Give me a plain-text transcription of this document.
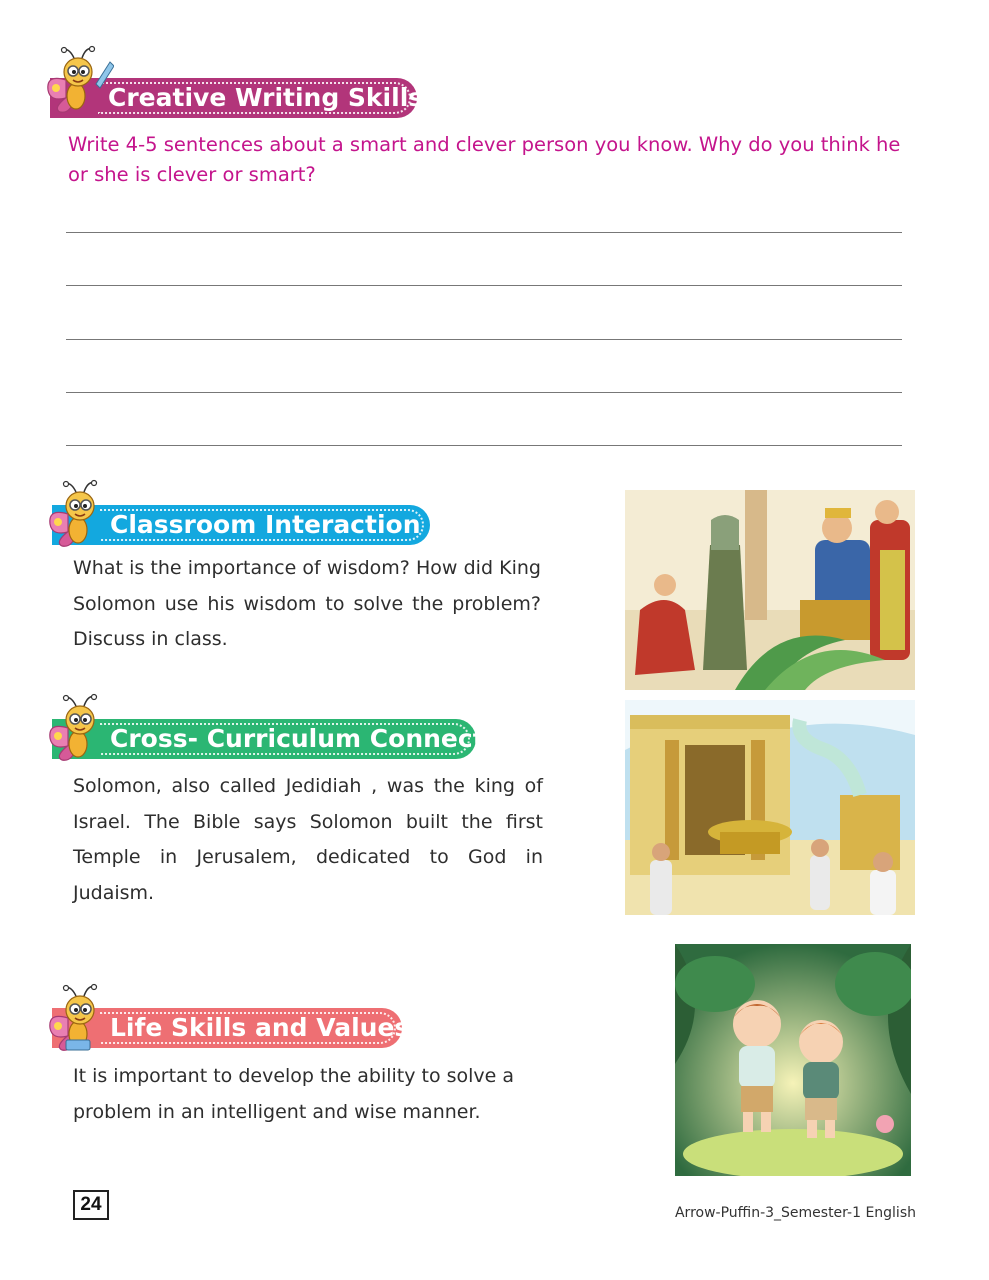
Creative Writing Skills
Write 4-5 sentences about a smart and clever person you know. Why do you think he or she is clever or smart?
Classroom Interaction
What is the importance of wisdom? How did King Solomon use his wisdom to solve the problem? Discuss in class.
Cross- Curriculum Connect
Solomon, also called Jedidiah , was the king of Israel. The Bible says Solomon built the first Temple in Jerusalem, dedicated to God in Judaism.
Life Skills and Values
It is important to develop the ability to solve a problem in an intelligent and wise manner.
24	Arrow-Puffin-3_Semester-1 English
